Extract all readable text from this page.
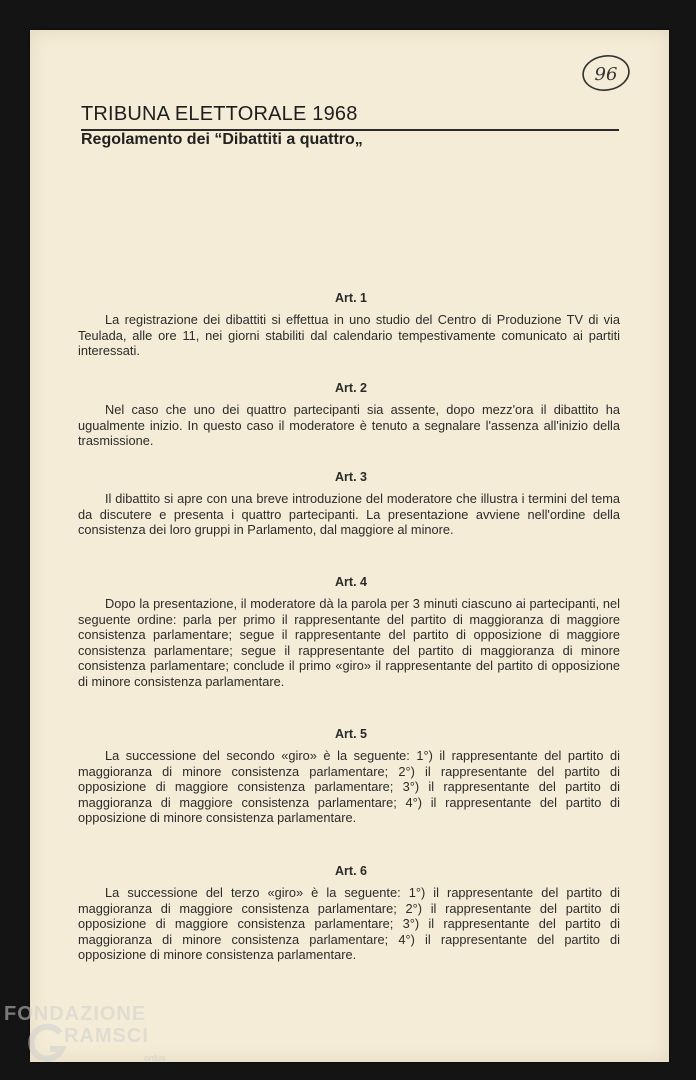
TRIBUNA ELETTORALE 1968
Regolamento dei “Dibattiti a quattro„
96
Art. 1
La registrazione dei dibattiti si effettua in uno studio del Centro di Produzione TV di via Teulada, alle ore 11, nei giorni stabiliti dal calendario tempestivamente comunicato ai partiti interessati.
Art. 2
Nel caso che uno dei quattro partecipanti sia assente, dopo mezz'ora il dibattito ha ugualmente inizio. In questo caso il moderatore è tenuto a segnalare l'assenza all'inizio della trasmissione.
Art. 3
Il dibattito si apre con una breve introduzione del moderatore che illustra i termini del tema da discutere e presenta i quattro partecipanti. La presentazione avviene nell'ordine della consistenza dei loro gruppi in Parlamento, dal maggiore al minore.
Art. 4
Dopo la presentazione, il moderatore dà la parola per 3 minuti ciascuno ai partecipanti, nel seguente ordine: parla per primo il rappresentante del partito di maggioranza di maggiore consistenza parlamentare; segue il rappresentante del partito di opposizione di maggiore consistenza parlamentare; segue il rappresentante del partito di maggioranza di minore consistenza parlamentare; conclude il primo «giro» il rappresentante del partito di opposizione di minore consistenza parlamentare.
Art. 5
La successione del secondo «giro» è la seguente: 1°) il rappresentante del partito di maggioranza di minore consistenza parlamentare; 2°) il rappresentante del partito di opposizione di maggiore consistenza parlamentare; 3°) il rappresentante del partito di maggioranza di maggiore consistenza parlamentare; 4°) il rappresentante del partito di opposizione di minore consistenza parlamentare.
Art. 6
La successione del terzo «giro» è la seguente: 1°) il rappresentante del partito di maggioranza di maggiore consistenza parlamentare; 2°) il rappresentante del partito di opposizione di maggiore consistenza parlamentare; 3°) il rappresentante del partito di maggioranza di minore consistenza parlamentare; 4°) il rappresentante del partito di opposizione di minore consistenza parlamentare.
FONDAZIONE
RAMSCI
onlus
